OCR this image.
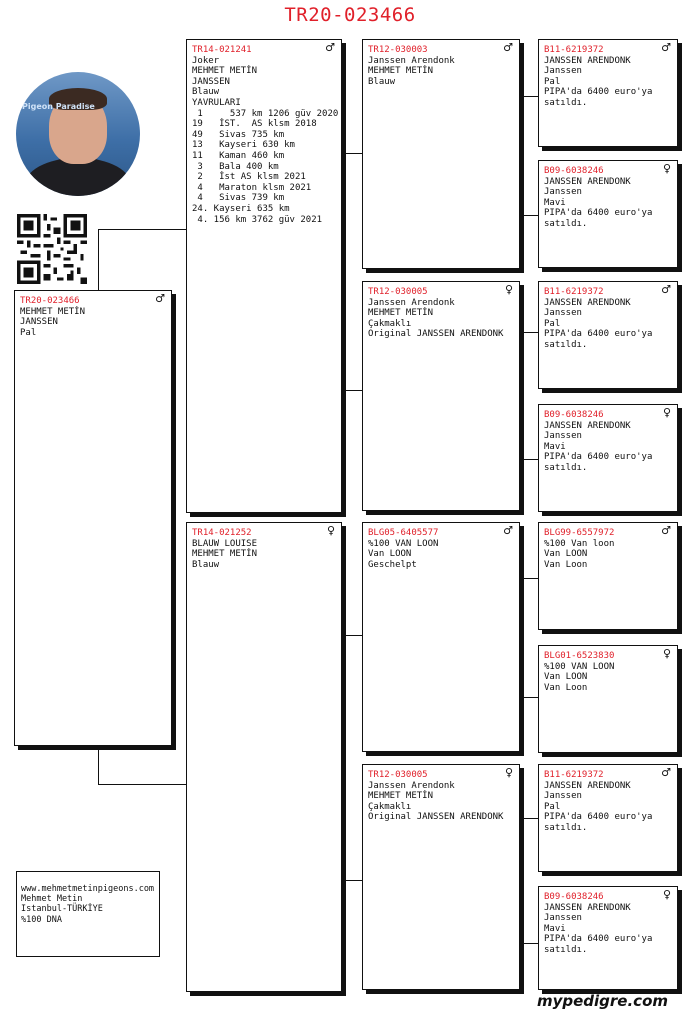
TR20-023466
Pigeon Paradise
TR20-023466	♂
MEHMET METİN
JANSSEN
Pal
TR14-021241	♂
Joker
MEHMET METİN
JANSSEN
Blauw
YAVRULARI
1     537 km 1206 güv 2020
19   İST.  AS klsm 2018
49   Sivas 735 km
13   Kayseri 630 km
11   Kaman 460 km
3   Bala 400 km
2   İst AS klsm 2021
4   Maraton klsm 2021
4   Sivas 739 km
24. Kayseri 635 km
4. 156 km 3762 güv 2021
TR14-021252	♀
BLAUW LOUISE
MEHMET METİN
Blauw
TR12-030003	♂
Janssen Arendonk
MEHMET METİN
Blauw
TR12-030005	♀
Janssen Arendonk
MEHMET METİN
Çakmaklı
Original JANSSEN ARENDONK
BLG05-6405577	♂
%100 VAN LOON
Van LOON
Geschelpt
TR12-030005	♀
Janssen Arendonk
MEHMET METİN
Çakmaklı
Original JANSSEN ARENDONK
B11-6219372	♂
JANSSEN ARENDONK
Janssen
Pal
PIPA'da 6400 euro'ya
satıldı.
B09-6038246	♀
JANSSEN ARENDONK
Janssen
Mavi
PIPA'da 6400 euro'ya
satıldı.
B11-6219372	♂
JANSSEN ARENDONK
Janssen
Pal
PIPA'da 6400 euro'ya
satıldı.
B09-6038246	♀
JANSSEN ARENDONK
Janssen
Mavi
PIPA'da 6400 euro'ya
satıldı.
BLG99-6557972	♂
%100 Van loon
Van LOON
Van Loon
BLG01-6523830	♀
%100 VAN LOON
Van LOON
Van Loon
B11-6219372	♂
JANSSEN ARENDONK
Janssen
Pal
PIPA'da 6400 euro'ya
satıldı.
B09-6038246	♀
JANSSEN ARENDONK
Janssen
Mavi
PIPA'da 6400 euro'ya
satıldı.
www.mehmetmetinpigeons.com
Mehmet Metin
Istanbul-TÜRKİYE
%100 DNA
mypedigre.com
